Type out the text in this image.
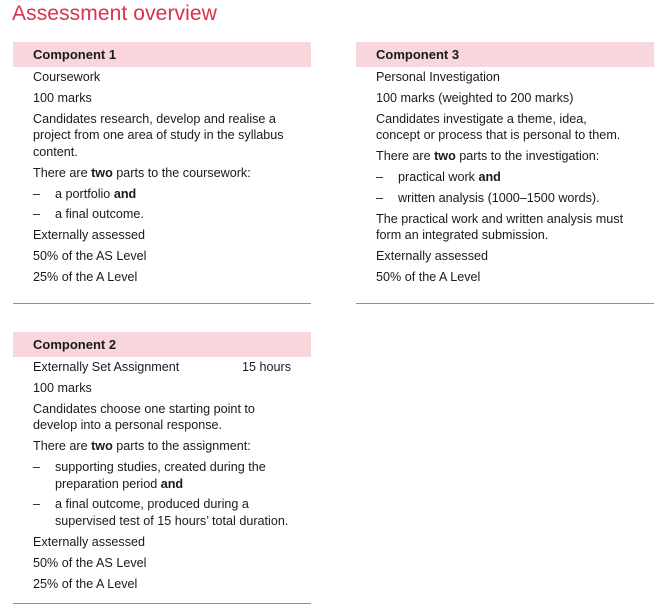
Assessment overview
Component 1
Coursework
100 marks
Candidates research, develop and realise a project from one area of study in the syllabus content.
There are two parts to the coursework:
– a portfolio and
– a final outcome.
Externally assessed
50% of the AS Level
25% of the A Level
Component 3
Personal Investigation
100 marks (weighted to 200 marks)
Candidates investigate a theme, idea, concept or process that is personal to them.
There are two parts to the investigation:
– practical work and
– written analysis (1000–1500 words).
The practical work and written analysis must form an integrated submission.
Externally assessed
50% of the A Level
Component 2
Externally Set Assignment	15 hours
100 marks
Candidates choose one starting point to develop into a personal response.
There are two parts to the assignment:
– supporting studies, created during the preparation period and
– a final outcome, produced during a supervised test of 15 hours’ total duration.
Externally assessed
50% of the AS Level
25% of the A Level
